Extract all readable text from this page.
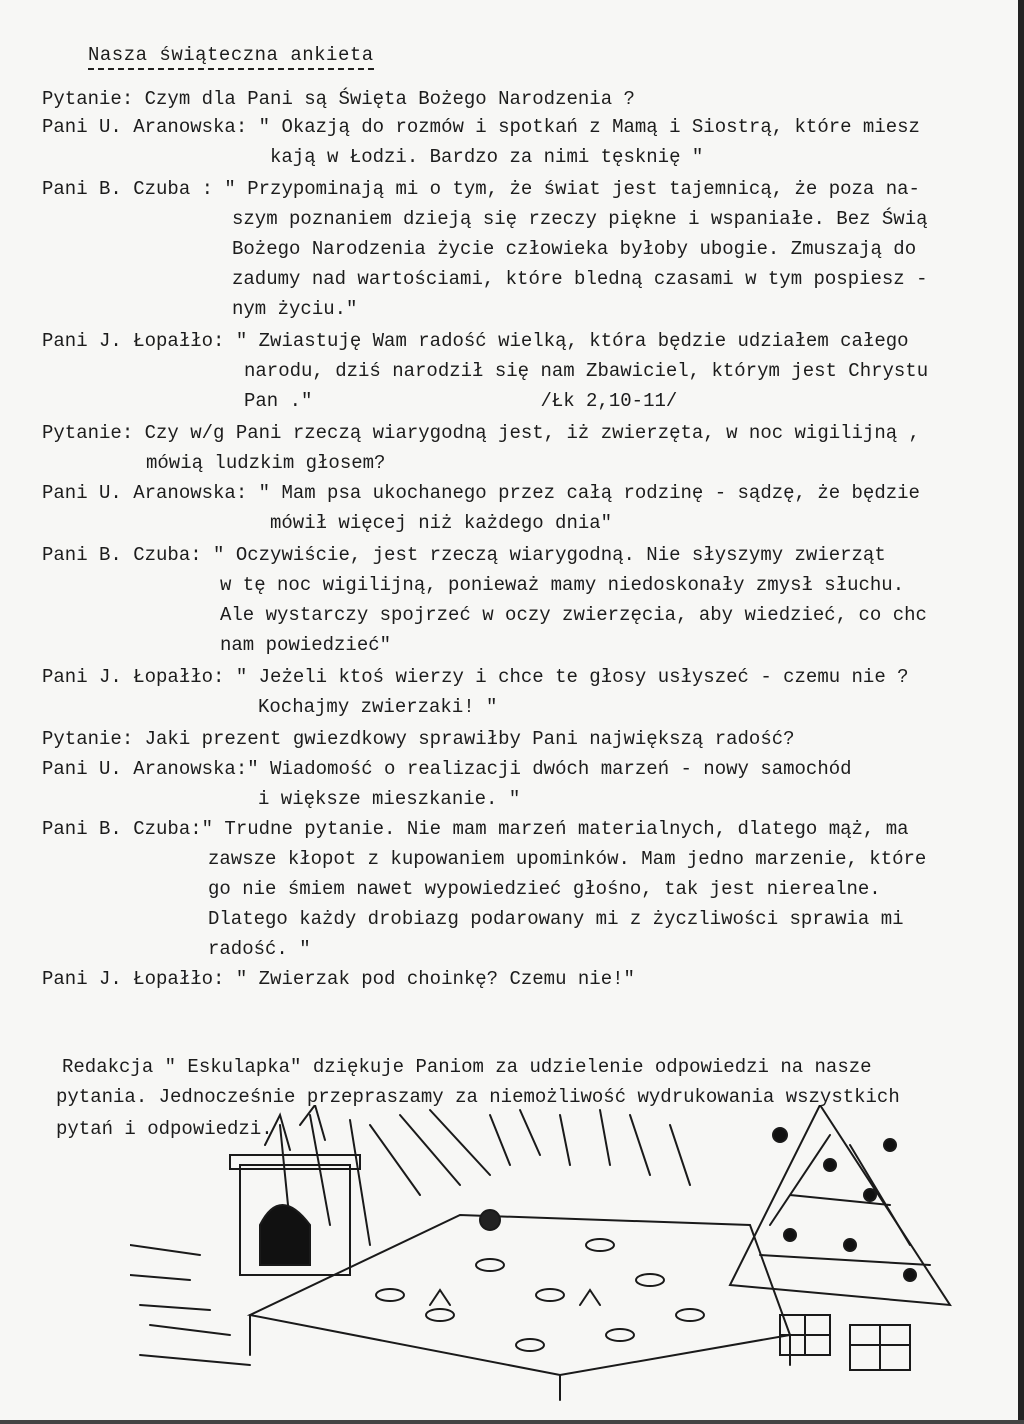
Nasza świąteczna ankieta
Pytanie: Czym dla Pani są Święta Bożego Narodzenia ?
Pani U. Aranowska: " Okazją do rozmów i spotkań z Mamą i Siostrą, które miesz
kają w Łodzi. Bardzo za nimi tęsknię "
Pani B. Czuba : " Przypominają mi o tym, że świat jest tajemnicą, że poza na-
szym poznaniem dzieją się rzeczy piękne i wspaniałe. Bez Świą
Bożego Narodzenia życie człowieka byłoby ubogie. Zmuszają do
zadumy nad wartościami, które bledną czasami w tym pospiesz -
nym życiu."
Pani J. Łopałło: " Zwiastuję Wam radość wielką, która będzie udziałem całego
narodu, dziś narodził się nam Zbawiciel, którym jest Chrystu
Pan ."                    /Łk 2,10-11/
Pytanie: Czy w/g Pani rzeczą wiarygodną jest, iż zwierzęta, w noc wigilijną ,
mówią ludzkim głosem?
Pani U. Aranowska: " Mam psa ukochanego przez całą rodzinę - sądzę, że będzie
mówił więcej niż każdego dnia"
Pani B. Czuba: " Oczywiście, jest rzeczą wiarygodną. Nie słyszymy zwierząt
w tę noc wigilijną, ponieważ mamy niedoskonały zmysł słuchu.
Ale wystarczy spojrzeć w oczy zwierzęcia, aby wiedzieć, co chc
nam powiedzieć"
Pani J. Łopałło: " Jeżeli ktoś wierzy i chce te głosy usłyszeć - czemu nie ?
Kochajmy zwierzaki! "
Pytanie: Jaki prezent gwiezdkowy sprawiłby Pani największą radość?
Pani U. Aranowska:" Wiadomość o realizacji dwóch marzeń - nowy samochód
i większe mieszkanie. "
Pani B. Czuba:" Trudne pytanie. Nie mam marzeń materialnych, dlatego mąż, ma
zawsze kłopot z kupowaniem upominków. Mam jedno marzenie, które
go nie śmiem nawet wypowiedzieć głośno, tak jest nierealne.
Dlatego każdy drobiazg podarowany mi z życzliwości sprawia mi
radość. "
Pani J. Łopałło: " Zwierzak pod choinkę? Czemu nie!"
Redakcja " Eskulapka" dziękuje Paniom za udzielenie odpowiedzi na nasze
pytania. Jednocześnie przepraszamy za niemożliwość wydrukowania wszystkich
pytań i odpowiedzi.
